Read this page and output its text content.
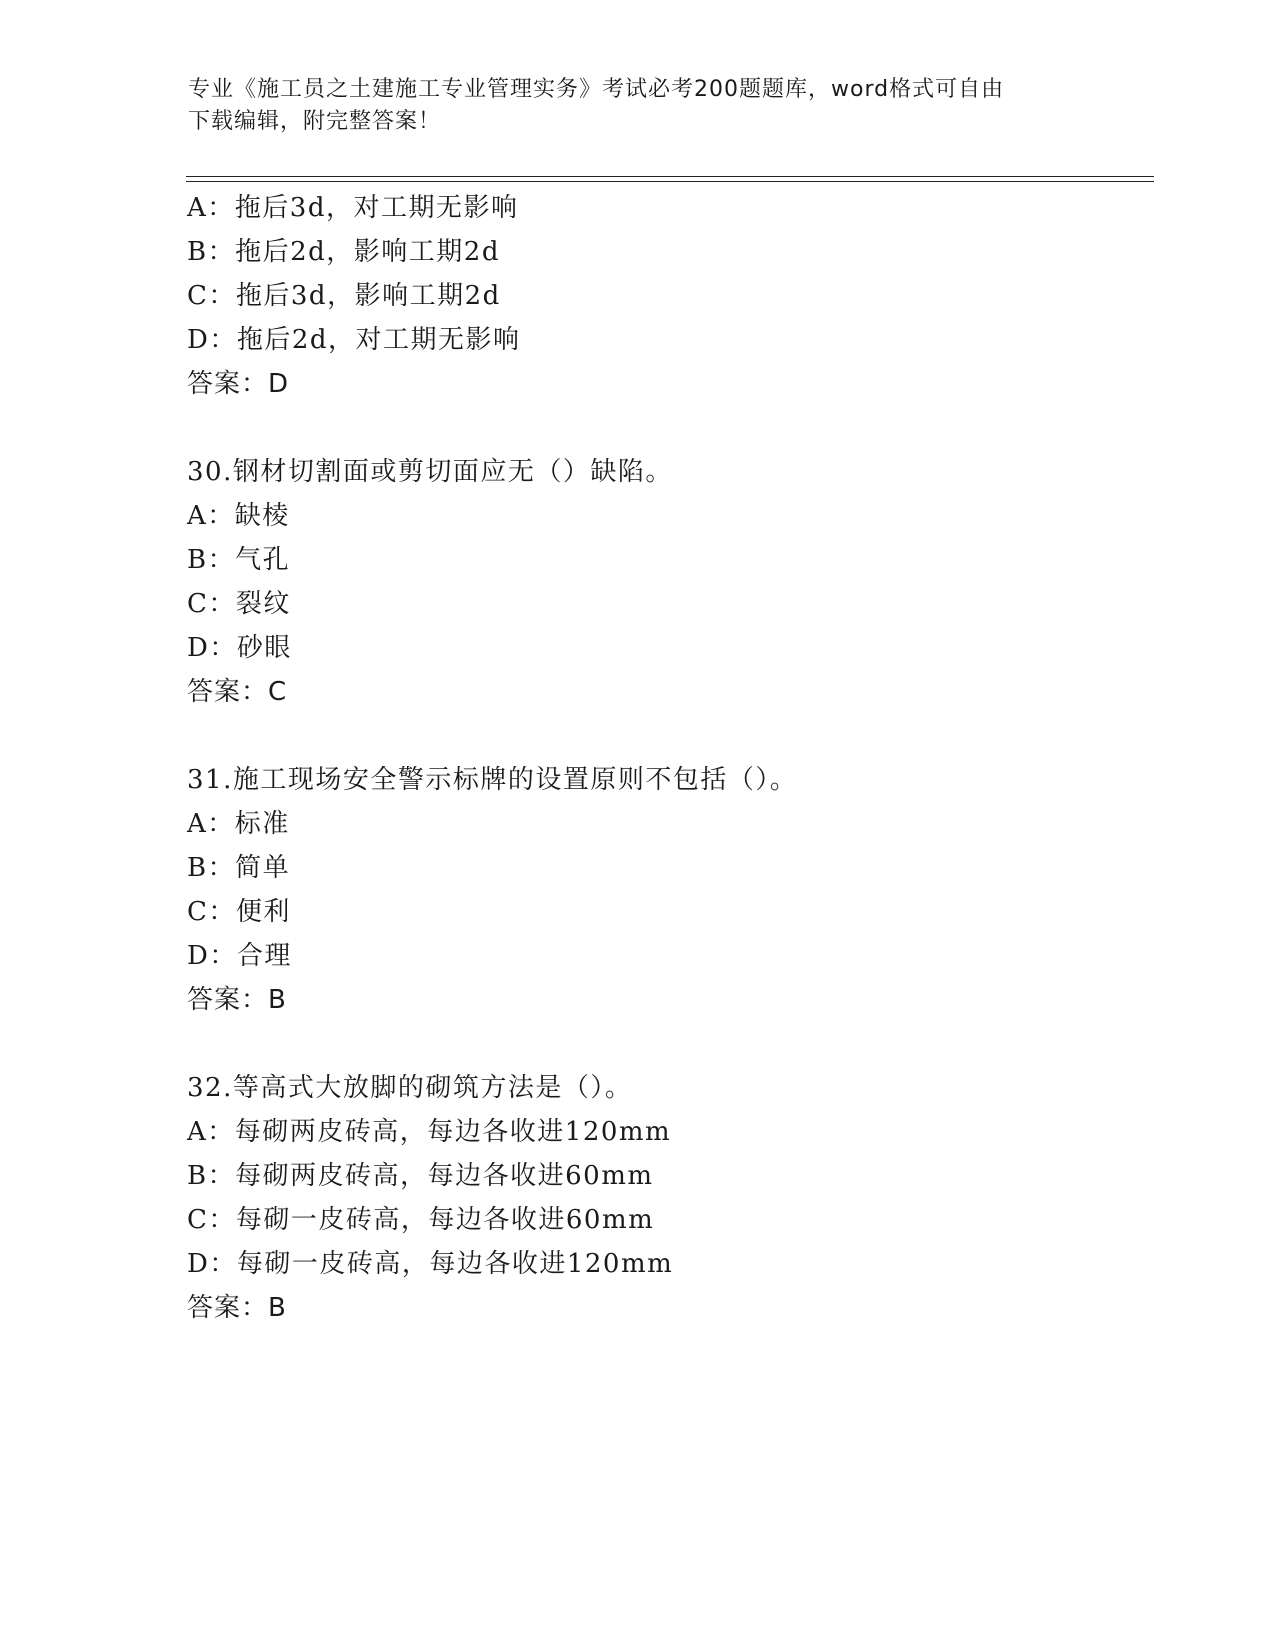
专业《施工员之土建施工专业管理实务》考试必考200题题库，word格式可自由
下载编辑，附完整答案！
A：拖后3d，对工期无影响
B：拖后2d，影响工期2d
C：拖后3d，影响工期2d
D：拖后2d，对工期无影响
答案：D
30.钢材切割面或剪切面应无（）缺陷。
A：缺棱
B：气孔
C：裂纹
D：砂眼
答案：C
31.施工现场安全警示标牌的设置原则不包括（）。
A：标准
B：简单
C：便利
D：合理
答案：B
32.等高式大放脚的砌筑方法是（）。
A：每砌两皮砖高，每边各收进120mm
B：每砌两皮砖高，每边各收进60mm
C：每砌一皮砖高，每边各收进60mm
D：每砌一皮砖高，每边各收进120mm
答案：B
